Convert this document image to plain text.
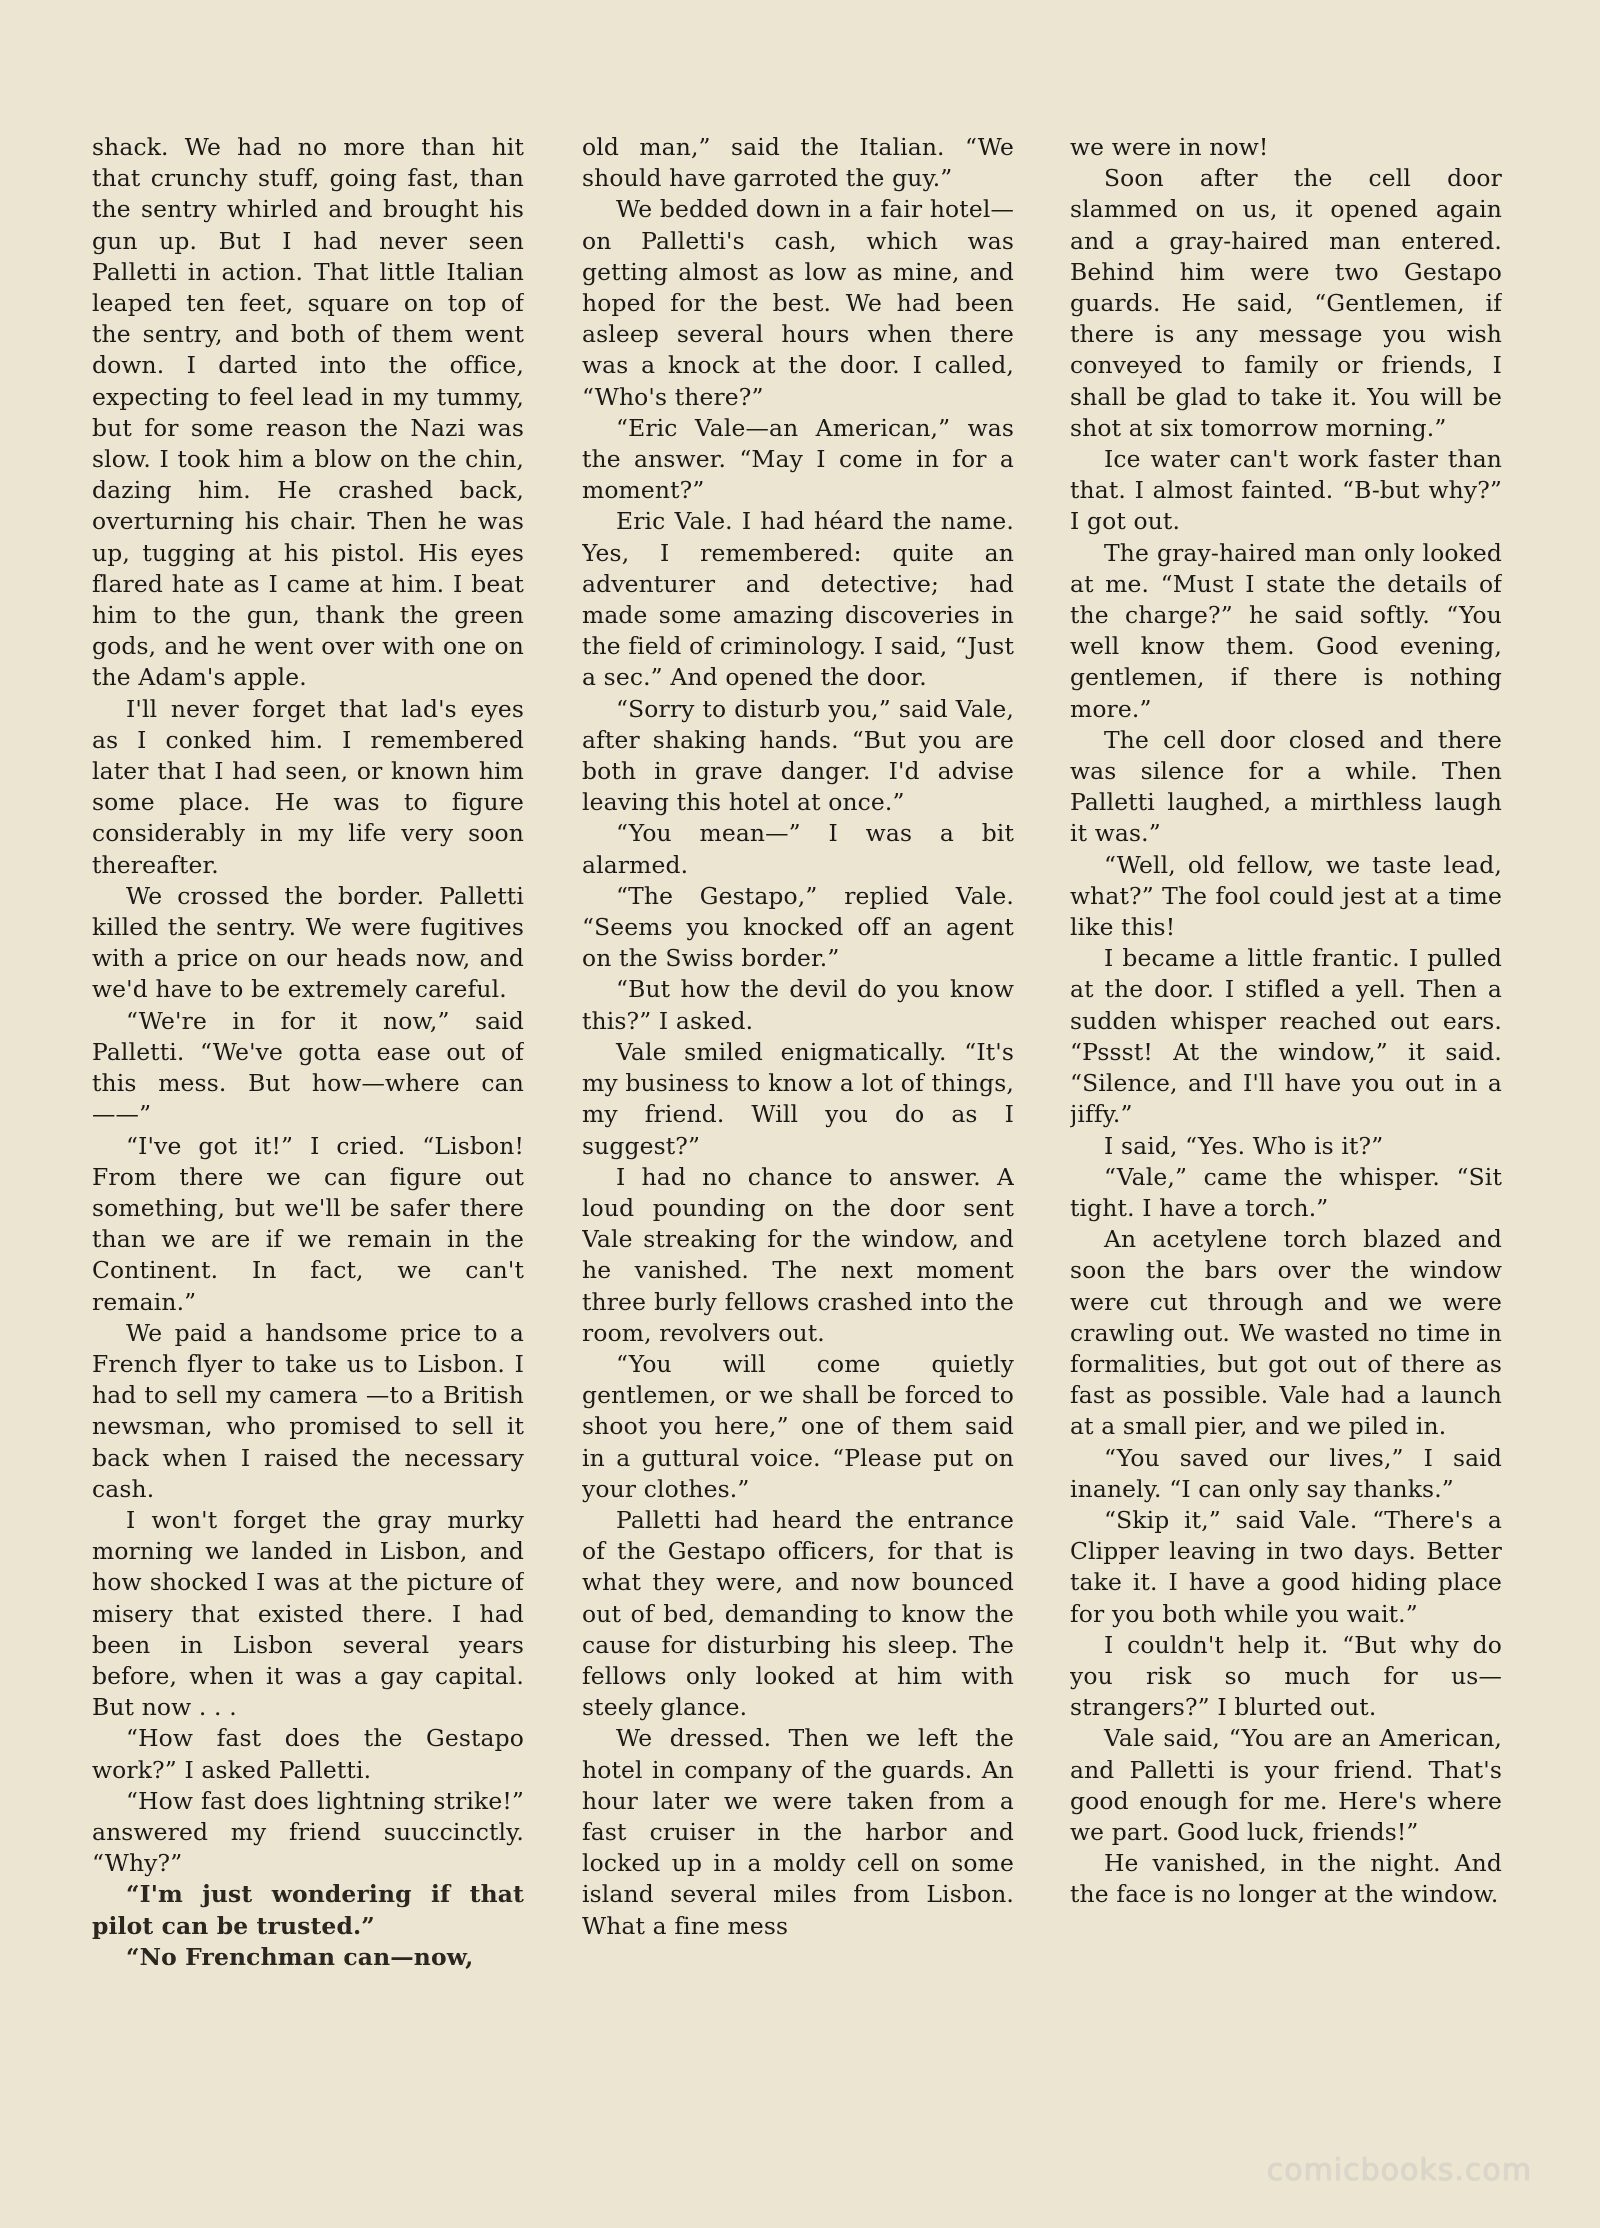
shack. We had no more than hit that crunchy stuff, going fast, than the sentry whirled and brought his gun up. But I had never seen Palletti in action. That little Italian leaped ten feet, square on top of the sentry, and both of them went down. I darted into the office, expecting to feel lead in my tummy, but for some reason the Nazi was slow. I took him a blow on the chin, dazing him. He crashed back, overturning his chair. Then he was up, tugging at his pistol. His eyes flared hate as I came at him. I beat him to the gun, thank the green gods, and he went over with one on the Adam's apple.

I'll never forget that lad's eyes as I conked him. I remembered later that I had seen, or known him some place. He was to figure considerably in my life very soon thereafter.

We crossed the border. Palletti killed the sentry. We were fugitives with a price on our heads now, and we'd have to be extremely careful.

“We're in for it now,” said Palletti. “We've gotta ease out of this mess. But how—where can——”

“I've got it!” I cried. “Lisbon! From there we can figure out something, but we'll be safer there than we are if we remain in the Continent. In fact, we can't remain.”

We paid a handsome price to a French flyer to take us to Lisbon. I had to sell my camera —to a British newsman, who promised to sell it back when I raised the necessary cash.

I won't forget the gray murky morning we landed in Lisbon, and how shocked I was at the picture of misery that existed there. I had been in Lisbon several years before, when it was a gay capital. But now . . .

“How fast does the Gestapo work?” I asked Palletti.

“How fast does lightning strike!” answered my friend suuccinctly. “Why?”

“I'm just wondering if that pilot can be trusted.”

“No Frenchman can—now,

old man,” said the Italian. “We should have garroted the guy.”

We bedded down in a fair hotel—on Palletti's cash, which was getting almost as low as mine, and hoped for the best. We had been asleep several hours when there was a knock at the door. I called, “Who's there?”

“Eric Vale—an American,” was the answer. “May I come in for a moment?”

Eric Vale. I had héard the name. Yes, I remembered: quite an adventurer and detective; had made some amazing discoveries in the field of criminology. I said, “Just a sec.” And opened the door.

“Sorry to disturb you,” said Vale, after shaking hands. “But you are both in grave danger. I'd advise leaving this hotel at once.”

“You mean—” I was a bit alarmed.

“The Gestapo,” replied Vale. “Seems you knocked off an agent on the Swiss border.”

“But how the devil do you know this?” I asked.

Vale smiled enigmatically. “It's my business to know a lot of things, my friend. Will you do as I suggest?”

I had no chance to answer. A loud pounding on the door sent Vale streaking for the window, and he vanished. The next moment three burly fellows crashed into the room, revolvers out.

“You will come quietly gentlemen, or we shall be forced to shoot you here,” one of them said in a guttural voice. “Please put on your clothes.”

Palletti had heard the entrance of the Gestapo officers, for that is what they were, and now bounced out of bed, demanding to know the cause for disturbing his sleep. The fellows only looked at him with steely glance.

We dressed. Then we left the hotel in company of the guards. An hour later we were taken from a fast cruiser in the harbor and locked up in a moldy cell on some island several miles from Lisbon. What a fine mess

we were in now!

Soon after the cell door slammed on us, it opened again and a gray-haired man entered. Behind him were two Gestapo guards. He said, “Gentlemen, if there is any message you wish conveyed to family or friends, I shall be glad to take it. You will be shot at six tomorrow morning.”

Ice water can't work faster than that. I almost fainted. “B-but why?” I got out.

The gray-haired man only looked at me. “Must I state the details of the charge?” he said softly. “You well know them. Good evening, gentlemen, if there is nothing more.”

The cell door closed and there was silence for a while. Then Palletti laughed, a mirthless laugh it was.”

“Well, old fellow, we taste lead, what?” The fool could jest at a time like this!

I became a little frantic. I pulled at the door. I stifled a yell. Then a sudden whisper reached out ears. “Pssst! At the window,” it said. “Silence, and I'll have you out in a jiffy.”

I said, “Yes. Who is it?”

“Vale,” came the whisper. “Sit tight. I have a torch.”

An acetylene torch blazed and soon the bars over the window were cut through and we were crawling out. We wasted no time in formalities, but got out of there as fast as possible. Vale had a launch at a small pier, and we piled in.

“You saved our lives,” I said inanely. “I can only say thanks.”

“Skip it,” said Vale. “There's a Clipper leaving in two days. Better take it. I have a good hiding place for you both while you wait.”

I couldn't help it. “But why do you risk so much for us—strangers?” I blurted out.

Vale said, “You are an American, and Palletti is your friend. That's good enough for me. Here's where we part. Good luck, friends!”

He vanished, in the night. And the face is no longer at the window.

comicbooks.com
